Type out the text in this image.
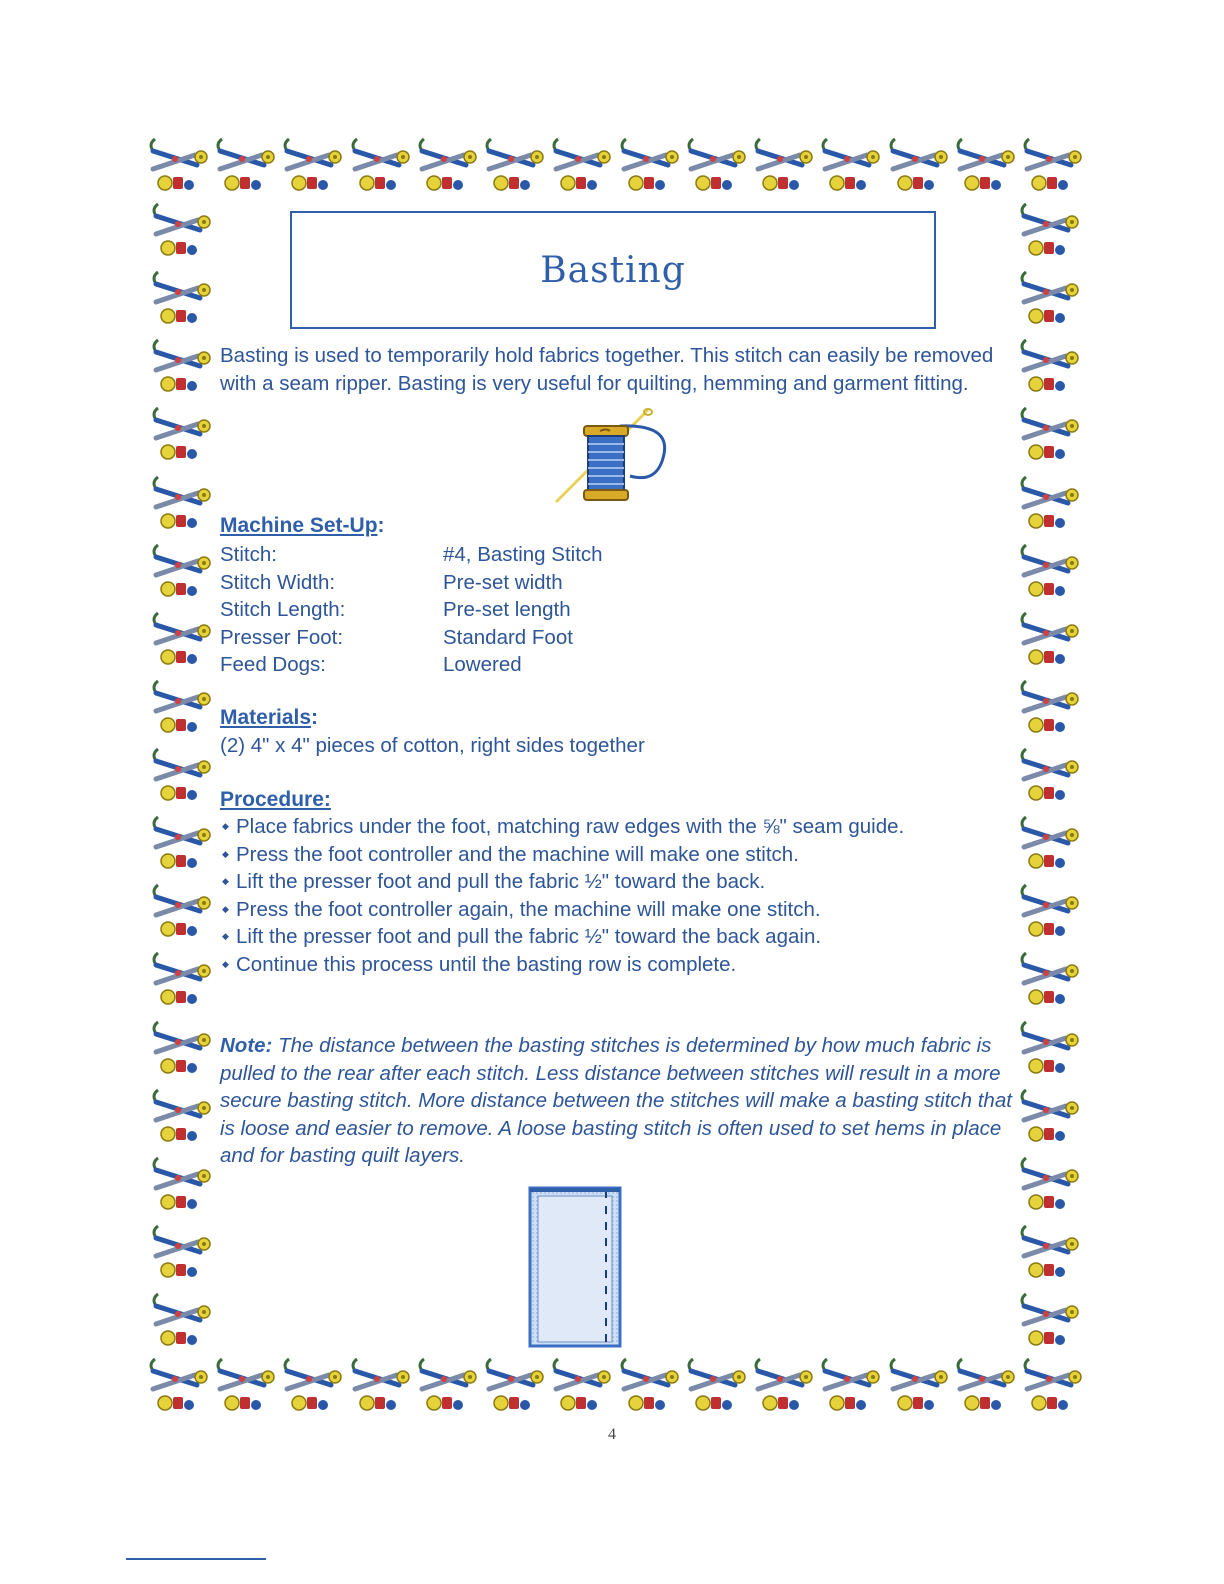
Basting

Basting is used to temporarily hold fabrics together. This stitch can easily be removed with a seam ripper. Basting is very useful for quilting, hemming and garment fitting.

Machine Set-Up:
Stitch:	#4, Basting Stitch
Stitch Width:	Pre-set width
Stitch Length:	Pre-set length
Presser Foot:	Standard Foot
Feed Dogs:	Lowered
Materials:

(2) 4" x 4" pieces of cotton, right sides together

Procedure:
◆ Place fabrics under the foot, matching raw edges with the ⅝" seam guide.
◆ Press the foot controller and the machine will make one stitch.
◆ Lift the presser foot and pull the fabric ½" toward the back.
◆ Press the foot controller again, the machine will make one stitch.
◆ Lift the presser foot and pull the fabric ½" toward the back again.
◆ Continue this process until the basting row is complete.

Note: The distance between the basting stitches is determined by how much fabric is pulled to the rear after each stitch. Less distance between stitches will result in a more secure basting stitch. More distance between the stitches will make a basting stitch that is loose and easier to remove. A loose basting stitch is often used to set hems in place and for basting quilt layers.

4
